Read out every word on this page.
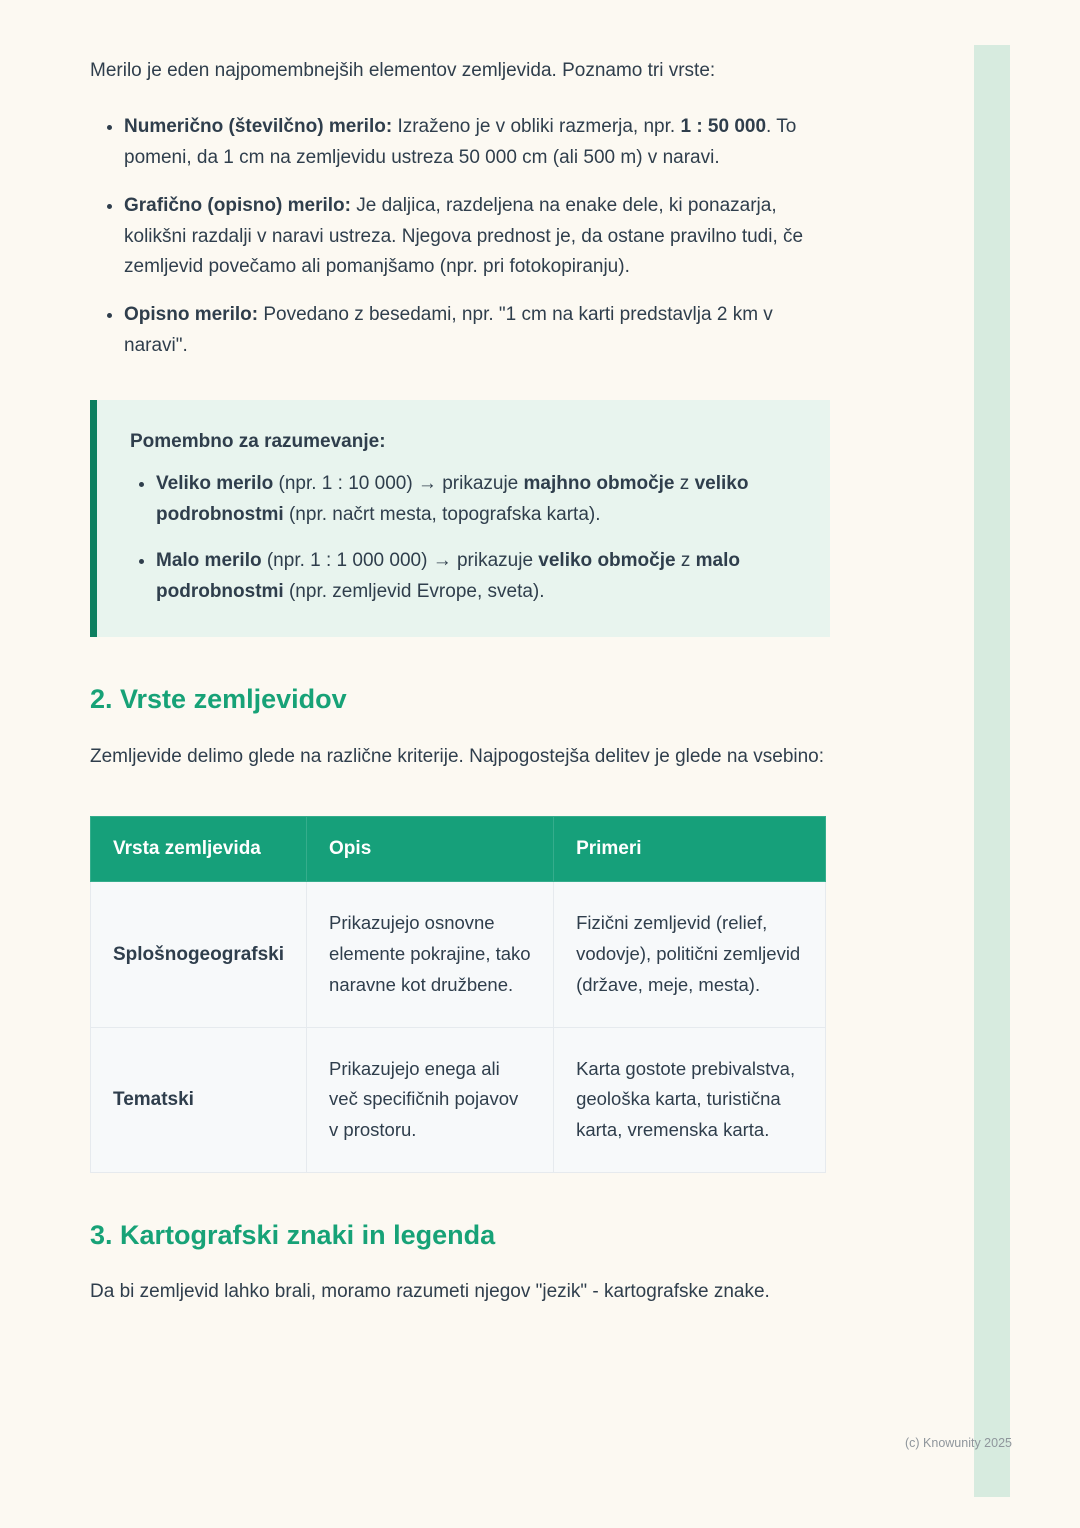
Merilo je eden najpomembnejših elementov zemljevida. Poznamo tri vrste:

• Numerično (številčno) merilo: Izraženo je v obliki razmerja, npr. 1 : 50 000. To pomeni, da 1 cm na zemljevidu ustreza 50 000 cm (ali 500 m) v naravi.
• Grafično (opisno) merilo: Je daljica, razdeljena na enake dele, ki ponazarja, kolikšni razdalji v naravi ustreza. Njegova prednost je, da ostane pravilno tudi, če zemljevid povečamo ali pomanjšamo (npr. pri fotokopiranju).
• Opisno merilo: Povedano z besedami, npr. "1 cm na karti predstavlja 2 km v naravi".

Pomembno za razumevanje:

• Veliko merilo (npr. 1 : 10 000) → prikazuje majhno območje z veliko podrobnostmi (npr. načrt mesta, topografska karta).
• Malo merilo (npr. 1 : 1 000 000) → prikazuje veliko območje z malo podrobnostmi (npr. zemljevid Evrope, sveta).
2. Vrste zemljevidov

Zemljevide delimo glede na različne kriterije. Najpogostejša delitev je glede na vsebino:

Vrsta zemljevida	Opis	Primeri
Splošnogeografski	Prikazujejo osnovne elemente pokrajine, tako naravne kot družbene.	Fizični zemljevid (relief, vodovje), politični zemljevid (države, meje, mesta).
Tematski	Prikazujejo enega ali več specifičnih pojavov v prostoru.	Karta gostote prebivalstva, geološka karta, turistična karta, vremenska karta.
3. Kartografski znaki in legenda

Da bi zemljevid lahko brali, moramo razumeti njegov "jezik" - kartografske znake.

(c) Knowunity 2025
